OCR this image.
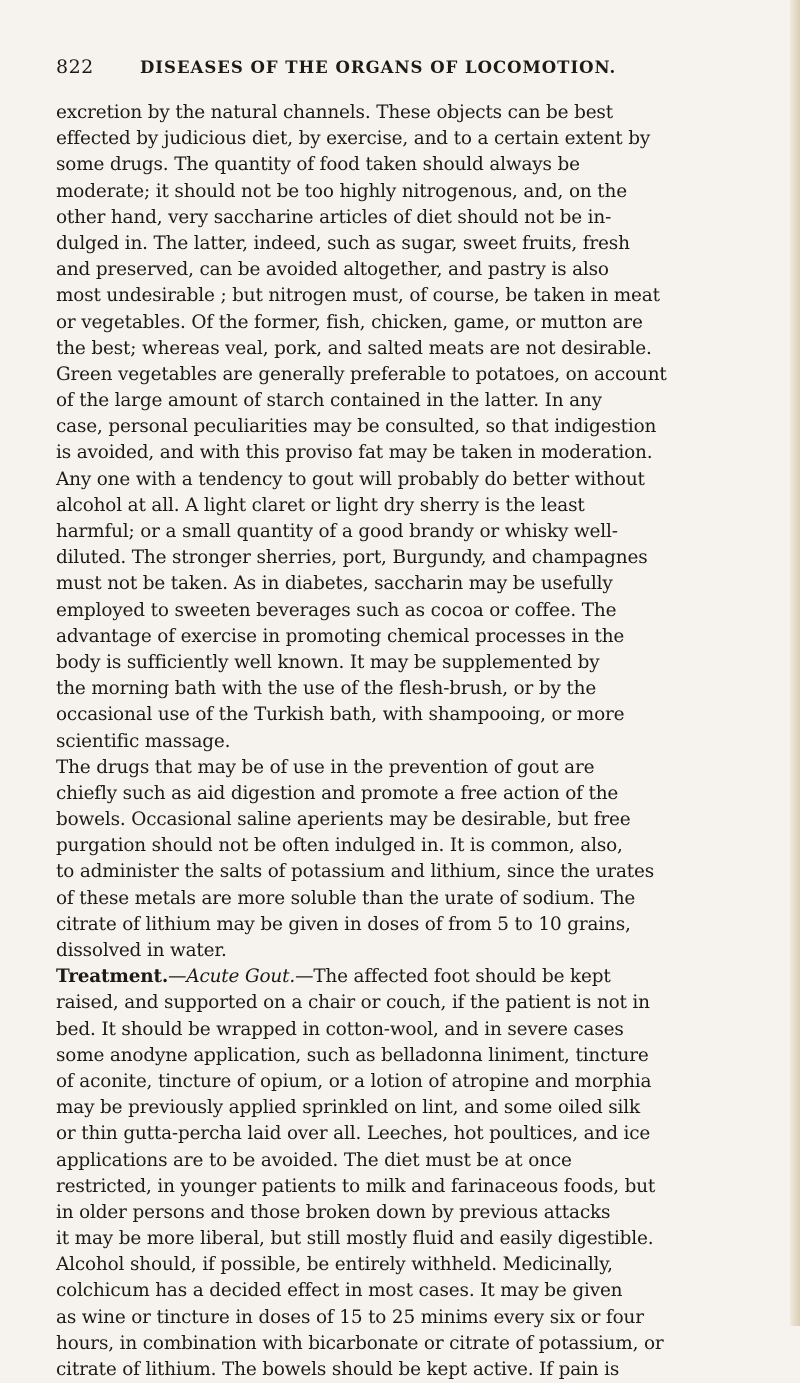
822	DISEASES OF THE ORGANS OF LOCOMOTION.
excretion by the natural channels. These objects can be best
effected by judicious diet, by exercise, and to a certain extent by
some drugs. The quantity of food taken should always be
moderate; it should not be too highly nitrogenous, and, on the
other hand, very saccharine articles of diet should not be in-
dulged in. The latter, indeed, such as sugar, sweet fruits, fresh
and preserved, can be avoided altogether, and pastry is also
most undesirable ; but nitrogen must, of course, be taken in meat
or vegetables. Of the former, fish, chicken, game, or mutton are
the best; whereas veal, pork, and salted meats are not desirable.
Green vegetables are generally preferable to potatoes, on account
of the large amount of starch contained in the latter. In any
case, personal peculiarities may be consulted, so that indigestion
is avoided, and with this proviso fat may be taken in moderation.
Any one with a tendency to gout will probably do better without
alcohol at all. A light claret or light dry sherry is the least
harmful; or a small quantity of a good brandy or whisky well-
diluted. The stronger sherries, port, Burgundy, and champagnes
must not be taken. As in diabetes, saccharin may be usefully
employed to sweeten beverages such as cocoa or coffee. The
advantage of exercise in promoting chemical processes in the
body is sufficiently well known. It may be supplemented by
the morning bath with the use of the flesh-brush, or by the
occasional use of the Turkish bath, with shampooing, or more
scientific massage.
The drugs that may be of use in the prevention of gout are
chiefly such as aid digestion and promote a free action of the
bowels. Occasional saline aperients may be desirable, but free
purgation should not be often indulged in. It is common, also,
to administer the salts of potassium and lithium, since the urates
of these metals are more soluble than the urate of sodium. The
citrate of lithium may be given in doses of from 5 to 10 grains,
dissolved in water.
Treatment.—Acute Gout.—The affected foot should be kept
raised, and supported on a chair or couch, if the patient is not in
bed. It should be wrapped in cotton-wool, and in severe cases
some anodyne application, such as belladonna liniment, tincture
of aconite, tincture of opium, or a lotion of atropine and morphia
may be previously applied sprinkled on lint, and some oiled silk
or thin gutta-percha laid over all. Leeches, hot poultices, and ice
applications are to be avoided. The diet must be at once
restricted, in younger patients to milk and farinaceous foods, but
in older persons and those broken down by previous attacks
it may be more liberal, but still mostly fluid and easily digestible.
Alcohol should, if possible, be entirely withheld. Medicinally,
colchicum has a decided effect in most cases. It may be given
as wine or tincture in doses of 15 to 25 minims every six or four
hours, in combination with bicarbonate or citrate of potassium, or
citrate of lithium. The bowels should be kept active. If pain is
